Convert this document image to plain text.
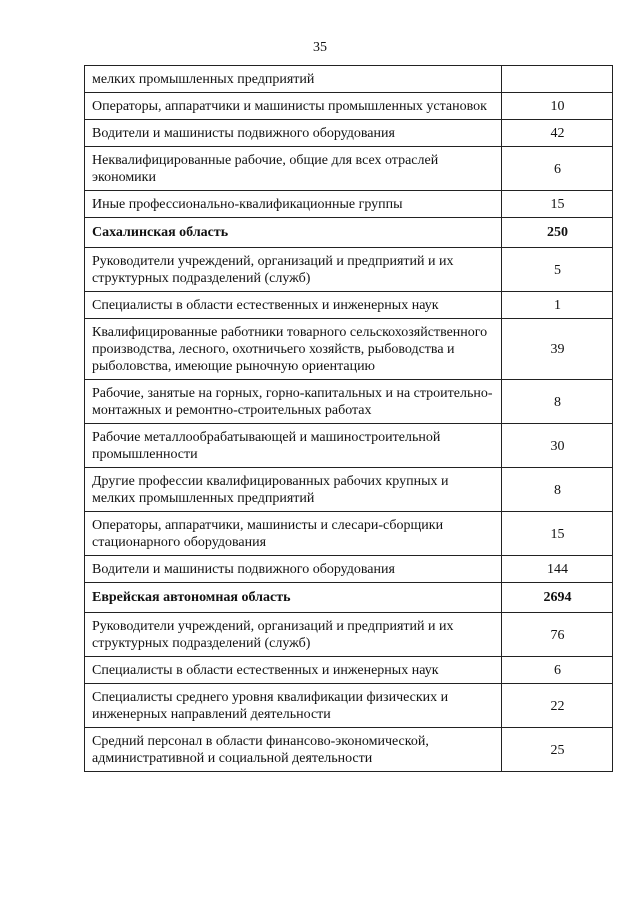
35
мелких промышленных предприятий	
Операторы, аппаратчики и машинисты промышленных установок	10
Водители и машинисты подвижного оборудования	42
Неквалифицированные рабочие, общие для всех отраслей экономики	6
Иные профессионально-квалификационные группы	15
Сахалинская область	250
Руководители учреждений, организаций и предприятий и их структурных подразделений (служб)	5
Специалисты в области естественных и инженерных наук	1
Квалифицированные работники товарного сельскохозяйственного производства, лесного, охотничьего хозяйств, рыбоводства и рыболовства, имеющие рыночную ориентацию	39
Рабочие, занятые на горных, горно-капитальных и на строительно-монтажных и ремонтно-строительных работах	8
Рабочие металлообрабатывающей и машиностроительной промышленности	30
Другие профессии квалифицированных рабочих крупных и мелких промышленных предприятий	8
Операторы, аппаратчики, машинисты и слесари-сборщики стационарного оборудования	15
Водители и машинисты подвижного оборудования	144
Еврейская автономная область	2694
Руководители учреждений, организаций и предприятий и их структурных подразделений (служб)	76
Специалисты в области естественных и инженерных наук	6
Специалисты среднего уровня квалификации физических и инженерных направлений деятельности	22
Средний персонал в области финансово-экономической, административной и социальной деятельности	25
